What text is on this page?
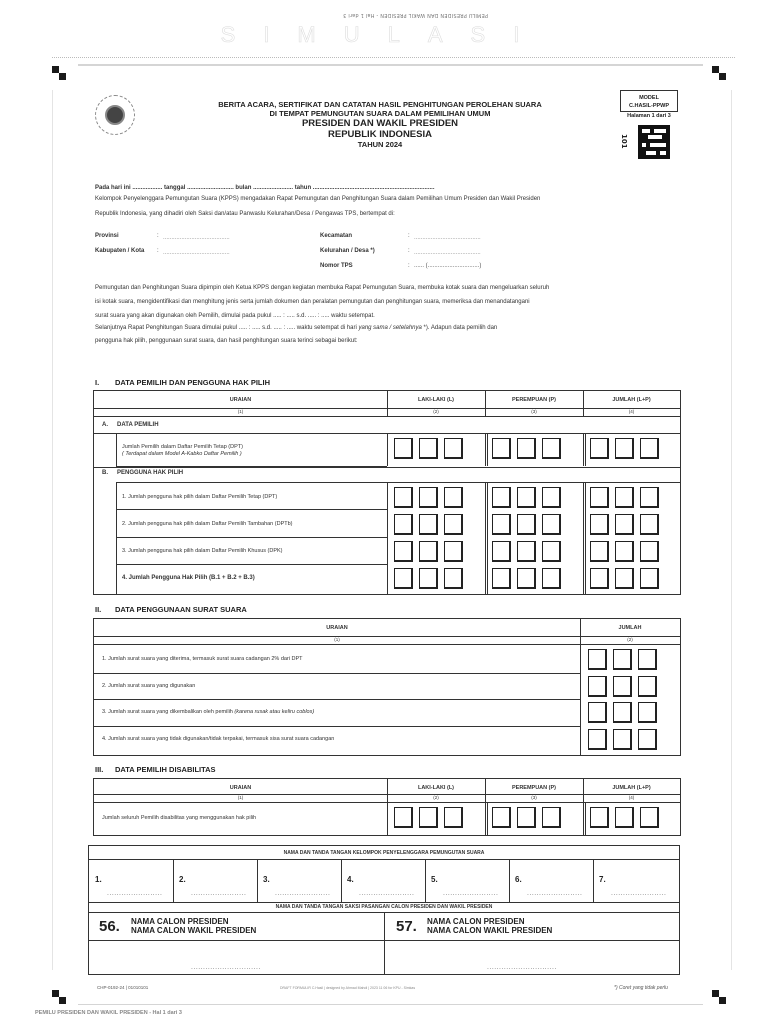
PEMILU PRESIDEN DAN WAKIL PRESIDEN - Hal 1 dari 3
SIMULASI
BERITA ACARA, SERTIFIKAT DAN CATATAN HASIL PENGHITUNGAN PEROLEHAN SUARA
DI TEMPAT PEMUNGUTAN SUARA DALAM PEMILIHAN UMUM
PRESIDEN DAN WAKIL PRESIDEN
REPUBLIK INDONESIA
TAHUN 2024
MODEL
C.HASIL-PPWP
Halaman 1 dari 3
101
Pada hari ini .................. tanggal ............................ bulan ........................ tahun .........................................................................
Kelompok Penyelenggara Pemungutan Suara (KPPS) mengadakan Rapat Pemungutan dan Penghitungan Suara dalam Pemilihan Umum Presiden dan Wakil Presiden
Republik Indonesia, yang dihadiri oleh Saksi dan/atau Panwaslu Kelurahan/Desa / Pengawas TPS, bertempat di:
Provinsi	: ........................................
Kabupaten / Kota : ........................................
Kecamatan	: ........................................
Kelurahan / Desa *)	: ........................................
Nomor TPS	: ...... (...............................)
Pemungutan dan Penghitungan Suara dipimpin oleh Ketua KPPS dengan kegiatan membuka Rapat Pemungutan Suara, membuka kotak suara dan mengeluarkan seluruh
isi kotak suara, mengidentifikasi dan menghitung jenis serta jumlah dokumen dan peralatan pemungutan dan penghitungan suara, memeriksa dan menandatangani
surat suara yang akan digunakan oleh Pemilih, dimulai pada pukul ..... : ..... s.d. ..... : ..... waktu setempat.
Selanjutnya Rapat Penghitungan Suara dimulai pukul ..... : ..... s.d. ..... : ..... waktu setempat di hari yang sama / setelahnya *). Adapun data pemilih dan
pengguna hak pilih, penggunaan surat suara, dan hasil penghitungan suara terinci sebagai berikut:
I. DATA PEMILIH DAN PENGGUNA HAK PILIH
URAIAN	LAKI-LAKI (L)	PEREMPUAN (P)	JUMLAH (L+P)
(1)	(2)	(3)	(4)
A. DATA PEMILIH
Jumlah Pemilih dalam Daftar Pemilih Tetap (DPT)
( Terdapat dalam Model A-Kabko Daftar Pemilih )
B. PENGGUNA HAK PILIH
1. Jumlah pengguna hak pilih dalam Daftar Pemilih Tetap (DPT)
2. Jumlah pengguna hak pilih dalam Daftar Pemilih Tambahan (DPTb)
3. Jumlah pengguna hak pilih dalam Daftar Pemilih Khusus (DPK)
4. Jumlah Pengguna Hak Pilih (B.1 + B.2 + B.3)
II. DATA PENGGUNAAN SURAT SUARA
URAIAN	JUMLAH
(1)	(2)
1. Jumlah surat suara yang diterima, termasuk surat suara cadangan 2% dari DPT
2. Jumlah surat suara yang digunakan
3. Jumlah surat suara yang dikembalikan oleh pemilih (karena rusak atau keliru coblos)
4. Jumlah surat suara yang tidak digunakan/tidak terpakai, termasuk sisa surat suara cadangan
III. DATA PEMILIH DISABILITAS
URAIAN	LAKI-LAKI (L)	PEREMPUAN (P)	JUMLAH (L+P)
(1)	(2)	(3)	(4)
Jumlah seluruh Pemilih disabilitas yang menggunakan hak pilih
NAMA DAN TANDA TANGAN KELOMPOK PENYELENGGARA PEMUNGUTAN SUARA
1.	2.	3.	4.	5.	6.	7.
.......................	.......................	.......................	.......................	.......................	.......................	.......................
NAMA DAN TANDA TANGAN SAKSI PASANGAN CALON PRESIDEN DAN WAKIL PRESIDEN
56. NAMA CALON PRESIDEN
NAMA CALON WAKIL PRESIDEN	57. NAMA CALON PRESIDEN
NAMA CALON WAKIL PRESIDEN
.............................	.............................
CHP-0192-24 | 01010101	DRAFT FORMULIR C.Hasil | designed by Ahmad Mahdi | 2023 11 06 for KPU - Simkas	*) Coret yang tidak perlu
PEMILU PRESIDEN DAN WAKIL PRESIDEN - Hal 1 dari 3
